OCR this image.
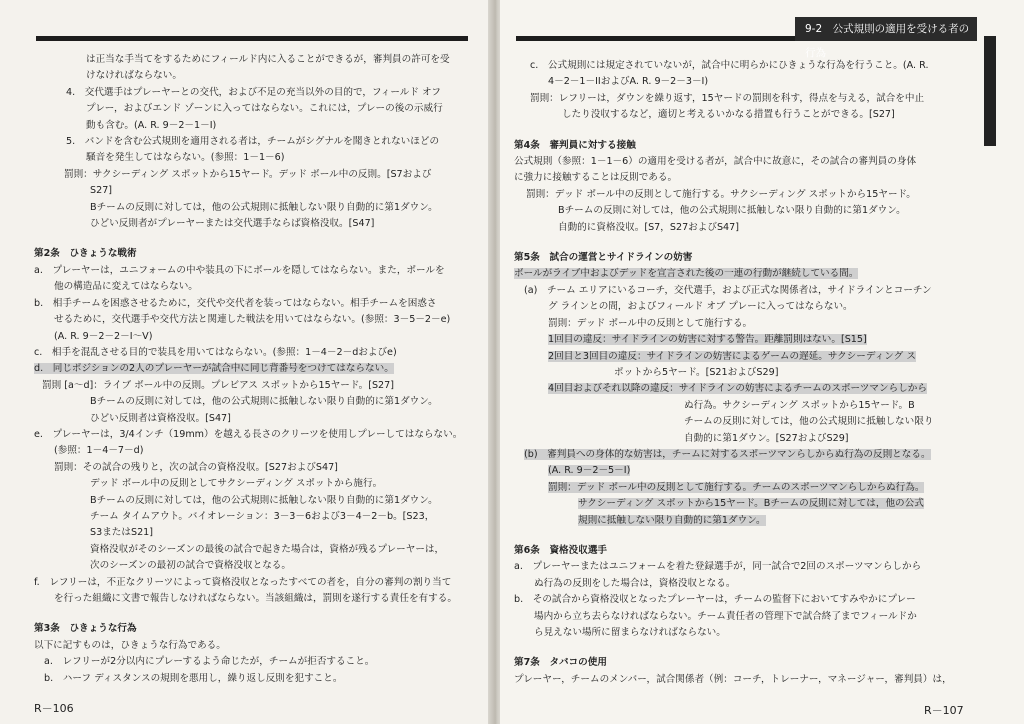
は正当な手当てをするためにフィールド内に入ることができるが，審判員の許可を受
けなければならない。
4.　交代選手はプレーヤーとの交代，および不足の充当以外の目的で，フィールド オフ
プレー，およびエンド ゾーンに入ってはならない。これには，プレーの後の示威行
動も含む。(A. R. 9－2－1－I)
5.　バンドを含む公式規則を適用される者は，チームがシグナルを聞きとれないほどの
騒音を発生してはならない。(参照：1－1－6)
罰則：サクシーディング スポットから15ヤード。デッド ボール中の反則。[S7および
S27]
Bチームの反則に対しては，他の公式規則に抵触しない限り自動的に第1ダウン。
ひどい反則者がプレーヤーまたは交代選手ならば資格没収。[S47]
第2条　ひきょうな戦術
a.　プレーヤーは，ユニフォームの中や装具の下にボールを隠してはならない。また，ボールを
他の構造品に変えてはならない。
b.　相手チームを困惑させるために，交代や交代者を装ってはならない。相手チームを困惑さ
せるために，交代選手や交代方法と関連した戦法を用いてはならない。(参照：3－5－2－e)
(A. R. 9－2－2－I～V)
c.　相手を混乱させる目的で装具を用いてはならない。(参照：1－4－2－dおよびe)
d.　同じポジションの2人のプレーヤーが試合中に同じ背番号をつけてはならない。
罰則 [a～d]：ライブ ボール中の反則。プレビアス スポットから15ヤード。[S27]
Bチームの反則に対しては，他の公式規則に抵触しない限り自動的に第1ダウン。
ひどい反則者は資格没収。[S47]
e.　プレーヤーは，3/4インチ（19mm）を越える長さのクリーツを使用しプレーしてはならない。
(参照：1－4－7－d)
罰則：その試合の残りと，次の試合の資格没収。[S27およびS47]
デッド ボール中の反則としてサクシーディング スポットから施行。
Bチームの反則に対しては，他の公式規則に抵触しない限り自動的に第1ダウン。
チーム タイムアウト。バイオレーション：3－3－6および3－4－2－b。[S23，
S3またはS21]
資格没収がそのシーズンの最後の試合で起きた場合は，資格が残るプレーヤーは，
次のシーズンの最初の試合で資格没収となる。
f.　レフリーは，不正なクリーツによって資格没収となったすべての者を，自分の審判の割り当て
を行った組織に文書で報告しなければならない。当該組織は，罰則を遂行する責任を有する。
第3条　ひきょうな行為
以下に記すものは，ひきょうな行為である。
a.　レフリーが2分以内にプレーするよう命じたが，チームが拒否すること。
b.　ハーフ ディスタンスの規則を悪用し，繰り返し反則を犯すこと。
R－106
9-2　公式規則の適用を受ける者の行為
c.　公式規則には規定されていないが，試合中に明らかにひきょうな行為を行うこと。(A. R.
4－2－1－IIおよびA. R. 9－2－3－I)
罰則：レフリーは，ダウンを繰り返す，15ヤードの罰則を科す，得点を与える，試合を中止
したり没収するなど，適切と考えるいかなる措置も行うことができる。[S27]
第4条　審判員に対する接触
公式規則（参照：1－1－6）の適用を受ける者が，試合中に故意に，その試合の審判員の身体
に強力に接触することは反則である。
罰則：デッド ボール中の反則として施行する。サクシーディング スポットから15ヤード。
Bチームの反則に対しては，他の公式規則に抵触しない限り自動的に第1ダウン。
自動的に資格没収。[S7，S27およびS47]
第5条　試合の運営とサイドラインの妨害
ボールがライブ中およびデッドを宣言された後の一連の行動が継続している間。
(a)　チーム エリアにいるコーチ，交代選手，および正式な関係者は，サイドラインとコーチン
グ ラインとの間，およびフィールド オブ プレーに入ってはならない。
罰則：デッド ボール中の反則として施行する。
1回目の違反：サイドラインの妨害に対する警告。距離罰則はない。[S15]
2回目と3回目の違反：サイドラインの妨害によるゲームの遅延。サクシーディング ス
ポットから5ヤード。[S21およびS29]
4回目およびそれ以降の違反：サイドラインの妨害によるチームのスポーツマンらしから
ぬ行為。サクシーディング スポットから15ヤード。B
チームの反則に対しては，他の公式規則に抵触しない限り
自動的に第1ダウン。[S27およびS29]
(b)　審判員への身体的な妨害は，チームに対するスポーツマンらしからぬ行為の反則となる。
(A. R. 9－2－5－I)
罰則：デッド ボール中の反則として施行する。チームのスポーツマンらしからぬ行為。
サクシーディング スポットから15ヤード。Bチームの反則に対しては，他の公式
規則に抵触しない限り自動的に第1ダウン。
第6条　資格没収選手
a.　プレーヤーまたはユニフォームを着た登録選手が，同一試合で2回のスポーツマンらしから
ぬ行為の反則をした場合は，資格没収となる。
b.　その試合から資格没収となったプレーヤーは，チームの監督下においてすみやかにプレー
場内から立ち去らなければならない。チーム責任者の管理下で試合終了までフィールドか
ら見えない場所に留まらなければならない。
第7条　タバコの使用
プレーヤー，チームのメンバー，試合関係者（例：コーチ，トレーナー，マネージャー，審判員）は，
R－107
